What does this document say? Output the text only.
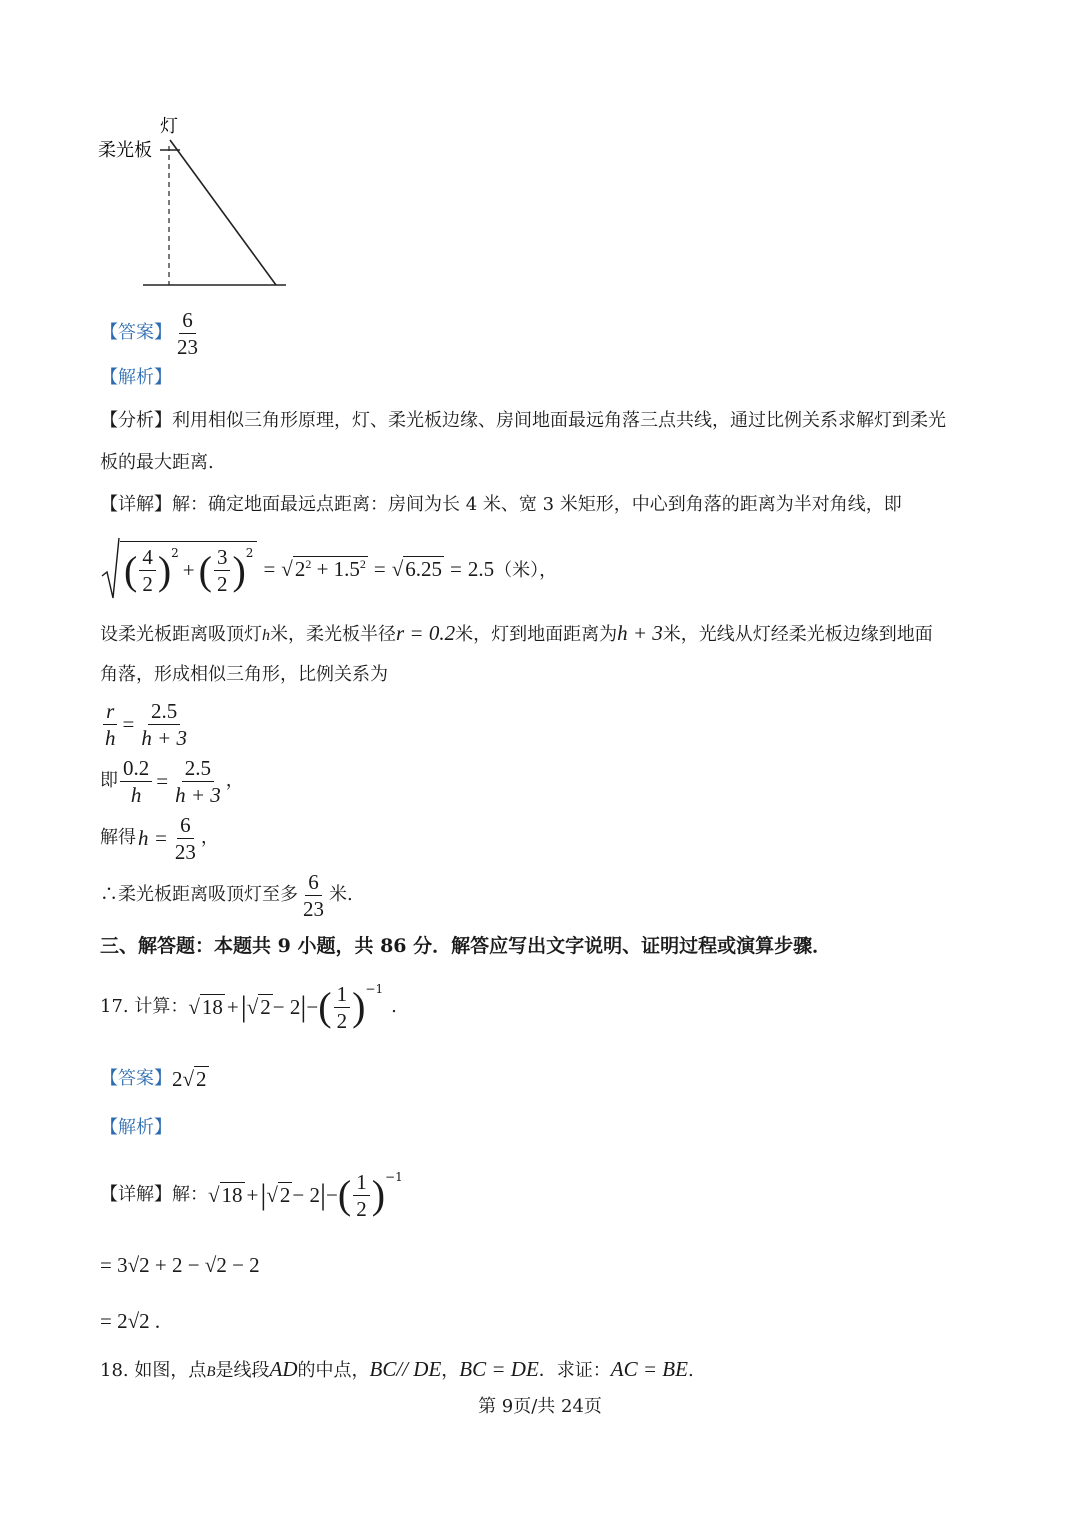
灯
柔光板
【答案】 $\frac{6}{23}$
【解析】
【分析】利用相似三角形原理，灯、柔光板边缘、房间地面最远角落三点共线，通过比例关系求解灯到柔光
板的最大距离.
【详解】解：确定地面最远点距离：房间为长 4 米、宽 3 米矩形，中心到角落的距离为半对角线，即
( $\frac{4}{2} )^2$
+ ( $\frac{3}{2} )^2$
= √ $2^2 + 1.5^2$ = √ 6.25 = 2.5 （米），
设柔光板距离吸顶灯h米，柔光板半径r = 0.2米，灯到地面距离为h + 3米，光线从灯经柔光板边缘到地面
角落，形成相似三角形，比例关系为
$\frac{r}{h} = \frac{2.5}{h + 3}$
即 $\frac{0.2}{h} = \frac{2.5}{h + 3}$ ，
解得 $h = \frac{6}{23}$ ，
∴柔光板距离吸顶灯至多 $\frac{6}{23}$ 米.
三、解答题：本题共 9 小题，共 86 分．解答应写出文字说明、证明过程或演算步骤．
17. 计算： √ 18 + | √ 2 − 2 | − ( $\frac{1}{2} )^{-1}$
.
【答案】 2 √ 2
【解析】
【详解】 解： √ 18 + | √ 2 − 2 | − ( $\frac{1}{2} )^{-1}$
= 3√2 + 2 − √2 − 2
= 2√2 .
18. 如图，点B是线段AD的中点，BC// DE，BC = DE．求证：AC = BE.
第 9页/共 24页
